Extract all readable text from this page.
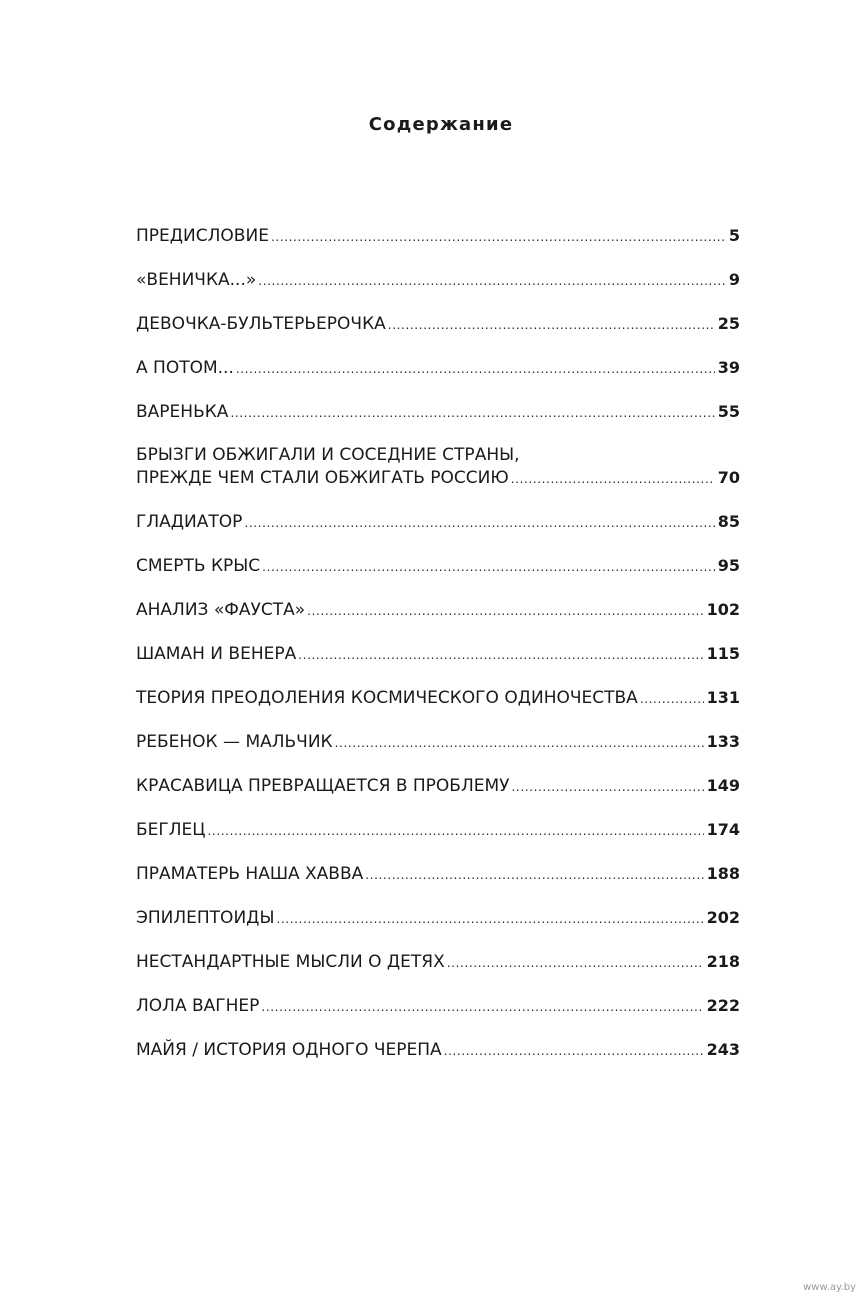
Содержание
ПРЕДИСЛОВИЕ .....	5
«ВЕНИЧКА...» .....	9
ДЕВОЧКА-БУЛЬТЕРЬЕРОЧКА .....	25
А ПОТОМ... .....	39
ВАРЕНЬКА .....	55
БРЫЗГИ ОБЖИГАЛИ И СОСЕДНИЕ СТРАНЫ,
ПРЕЖДЕ ЧЕМ СТАЛИ ОБЖИГАТЬ РОССИЮ .....	70
ГЛАДИАТОР .....	85
СМЕРТЬ КРЫС .....	95
АНАЛИЗ «ФАУСТА» .....	102
ШАМАН И ВЕНЕРА .....	115
ТЕОРИЯ ПРЕОДОЛЕНИЯ КОСМИЧЕСКОГО ОДИНОЧЕСТВА .....	131
РЕБЕНОК — МАЛЬЧИК .....	133
КРАСАВИЦА ПРЕВРАЩАЕТСЯ В ПРОБЛЕМУ .....	149
БЕГЛЕЦ .....	174
ПРАМАТЕРЬ НАША ХАВВА .....	188
ЭПИЛЕПТОИДЫ .....	202
НЕСТАНДАРТНЫЕ МЫСЛИ О ДЕТЯХ .....	218
ЛОЛА ВАГНЕР .....	222
МАЙЯ / ИСТОРИЯ ОДНОГО ЧЕРЕПА .....	243
www.ay.by
